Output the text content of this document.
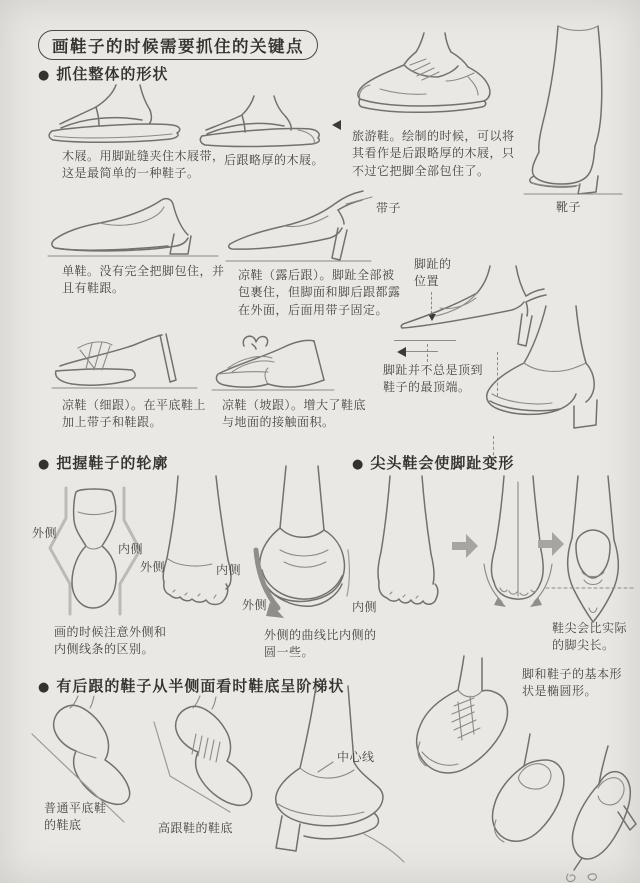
画鞋子的时候需要抓住的关键点
● 抓住整体的形状
木屐。用脚趾缝夹住木屐带，这是最简单的一种鞋子。
后跟略厚的木屐。
旅游鞋。绘制的时候，可以将其看作是后跟略厚的木屐，只不过它把脚全部包住了。
靴子
带子
单鞋。没有完全把脚包住，并且有鞋跟。
凉鞋（露后跟）。脚趾全部被包裹住，但脚面和脚后跟都露在外面，后面用带子固定。
脚趾的位置
脚趾并不总是顶到鞋子的最顶端。
凉鞋（细跟）。在平底鞋上加上带子和鞋跟。
凉鞋（坡跟）。增大了鞋底与地面的接触面积。
● 把握鞋子的轮廓
外侧
内侧
画的时候注意外侧和内侧线条的区别。
外侧	内侧
外侧	内侧
外侧的曲线比内侧的圆一些。
● 尖头鞋会使脚趾变形
鞋尖会比实际的脚尖长。
● 有后跟的鞋子从半侧面看时鞋底呈阶梯状
普通平底鞋的鞋底	高跟鞋的鞋底
中心线
脚和鞋子的基本形状是椭圆形。
